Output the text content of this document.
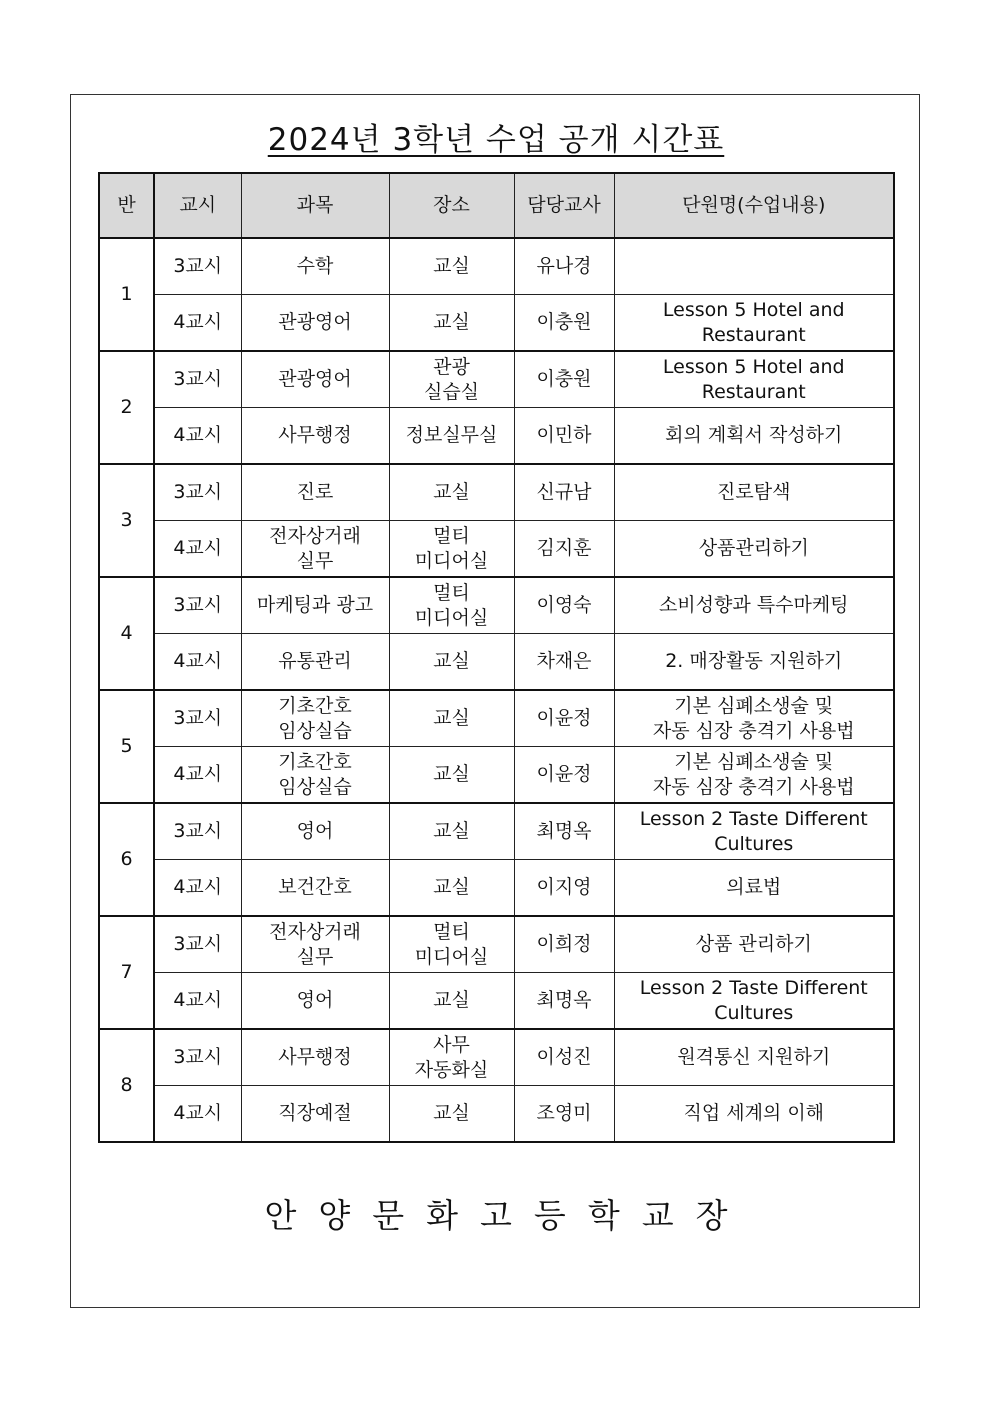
2024년 3학년 수업 공개 시간표
반	교시	과목	장소	담당교사	단원명(수업내용)
1	3교시	수학	교실	유나경	

	4교시	관광영어	교실	이충원	Lesson 5 Hotel and
Restaurant

2	3교시	관광영어	관광
실습실	이충원	Lesson 5 Hotel and
Restaurant

	4교시	사무행정	정보실무실	이민하	회의 계획서 작성하기

3	3교시	진로	교실	신규남	진로탐색

	4교시	전자상거래
실무	멀티
미디어실	김지훈	상품관리하기

4	3교시	마케팅과 광고	멀티
미디어실	이영숙	소비성향과 특수마케팅

	4교시	유통관리	교실	차재은	2. 매장활동 지원하기

5	3교시	기초간호
임상실습	교실	이윤정	기본 심폐소생술 및
자동 심장 충격기 사용법

	4교시	기초간호
임상실습	교실	이윤정	기본 심폐소생술 및
자동 심장 충격기 사용법

6	3교시	영어	교실	최명옥	Lesson 2 Taste Different
Cultures

	4교시	보건간호	교실	이지영	의료법

7	3교시	전자상거래
실무	멀티
미디어실	이희정	상품 관리하기

	4교시	영어	교실	최명옥	Lesson 2 Taste Different
Cultures

8	3교시	사무행정	사무
자동화실	이성진	원격통신 지원하기

	4교시	직장예절	교실	조영미	직업 세계의 이해
안양문화고등학교장
